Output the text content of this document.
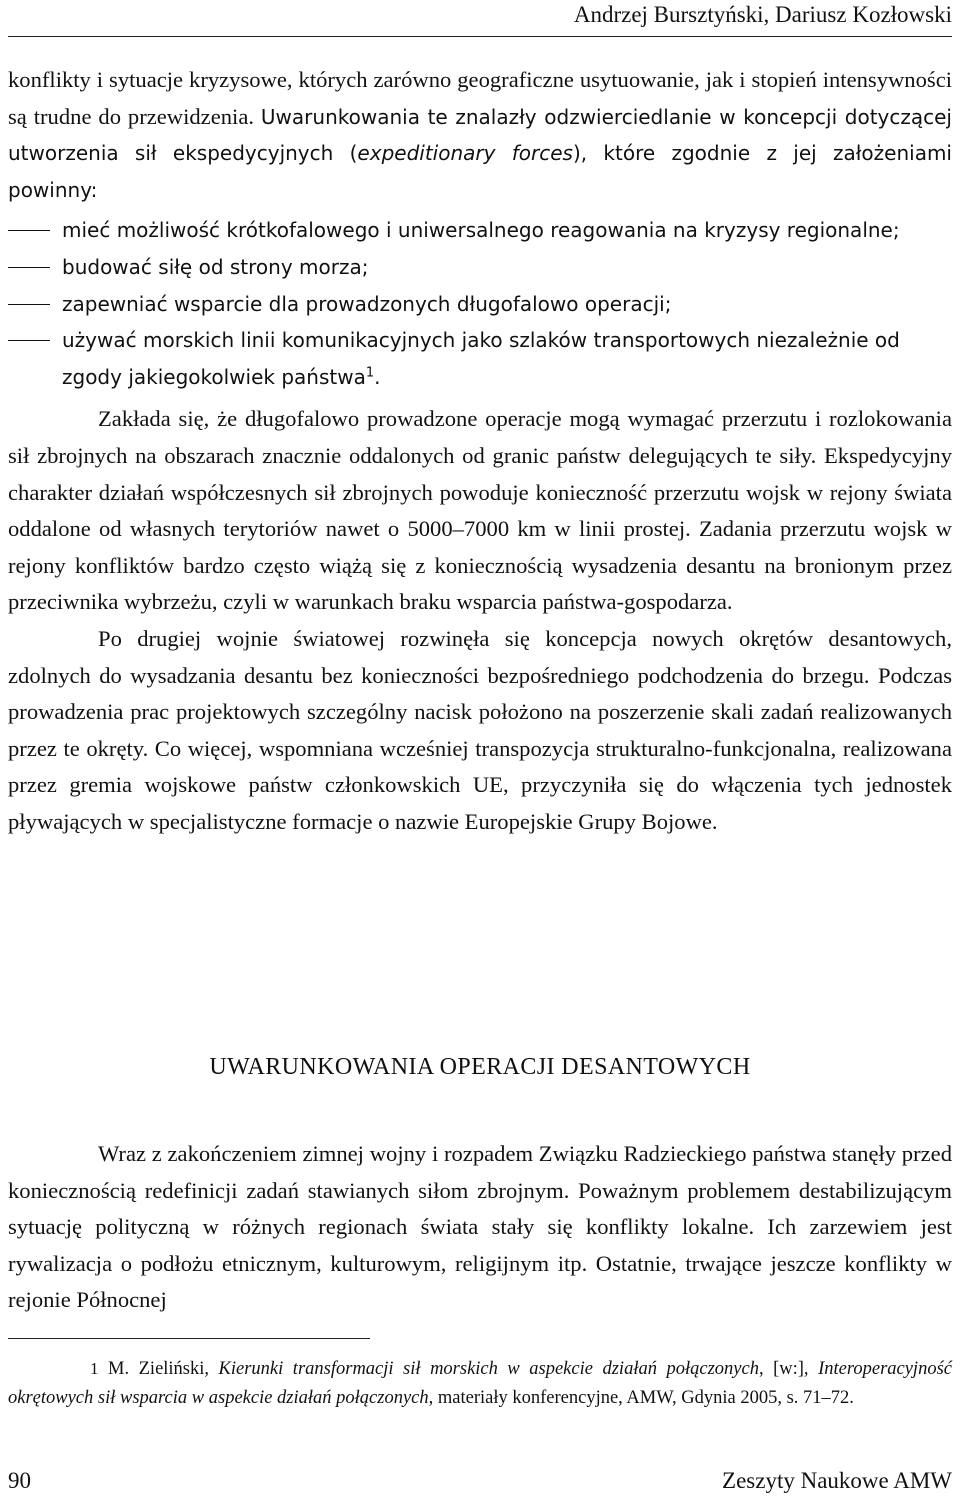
Andrzej Bursztyński, Dariusz Kozłowski

konflikty i sytuacje kryzysowe, których zarówno geograficzne usytuowanie, jak i stopień intensywności są trudne do przewidzenia. Uwarunkowania te znalazły odzwierciedlanie w koncepcji dotyczącej utworzenia sił ekspedycyjnych (expeditionary forces), które zgodnie z jej założeniami powinny:

mieć możliwość krótkofalowego i uniwersalnego reagowania na kryzysy regionalne;
budować siłę od strony morza;
zapewniać wsparcie dla prowadzonych długofalowo operacji;
używać morskich linii komunikacyjnych jako szlaków transportowych niezależnie od zgody jakiegokolwiek państwa$^1$.

Zakłada się, że długofalowo prowadzone operacje mogą wymagać przerzutu i rozlokowania sił zbrojnych na obszarach znacznie oddalonych od granic państw delegujących te siły. Ekspedycyjny charakter działań współczesnych sił zbrojnych powoduje konieczność przerzutu wojsk w rejony świata oddalone od własnych terytoriów nawet o 5000–7000 km w linii prostej. Zadania przerzutu wojsk w rejony konfliktów bardzo często wiążą się z koniecznością wysadzenia desantu na bronionym przez przeciwnika wybrzeżu, czyli w warunkach braku wsparcia państwa-gospodarza.

Po drugiej wojnie światowej rozwinęła się koncepcja nowych okrętów desantowych, zdolnych do wysadzania desantu bez konieczności bezpośredniego podchodzenia do brzegu. Podczas prowadzenia prac projektowych szczególny nacisk położono na poszerzenie skali zadań realizowanych przez te okręty. Co więcej, wspomniana wcześniej transpozycja strukturalno-funkcjonalna, realizowana przez gremia wojskowe państw członkowskich UE, przyczyniła się do włączenia tych jednostek pływających w specjalistyczne formacje o nazwie Europejskie Grupy Bojowe.

UWARUNKOWANIA OPERACJI DESANTOWYCH

Wraz z zakończeniem zimnej wojny i rozpadem Związku Radzieckiego państwa stanęły przed koniecznością redefinicji zadań stawianych siłom zbrojnym. Poważnym problemem destabilizującym sytuację polityczną w różnych regionach świata stały się konflikty lokalne. Ich zarzewiem jest rywalizacja o podłożu etnicznym, kulturowym, religijnym itp. Ostatnie, trwające jeszcze konflikty w rejonie Północnej

1 M. Zieliński, Kierunki transformacji sił morskich w aspekcie działań połączonych, [w:], Interoperacyjność okrętowych sił wsparcia w aspekcie działań połączonych, materiały konferencyjne, AMW, Gdynia 2005, s. 71–72.

90	Zeszyty Naukowe AMW
